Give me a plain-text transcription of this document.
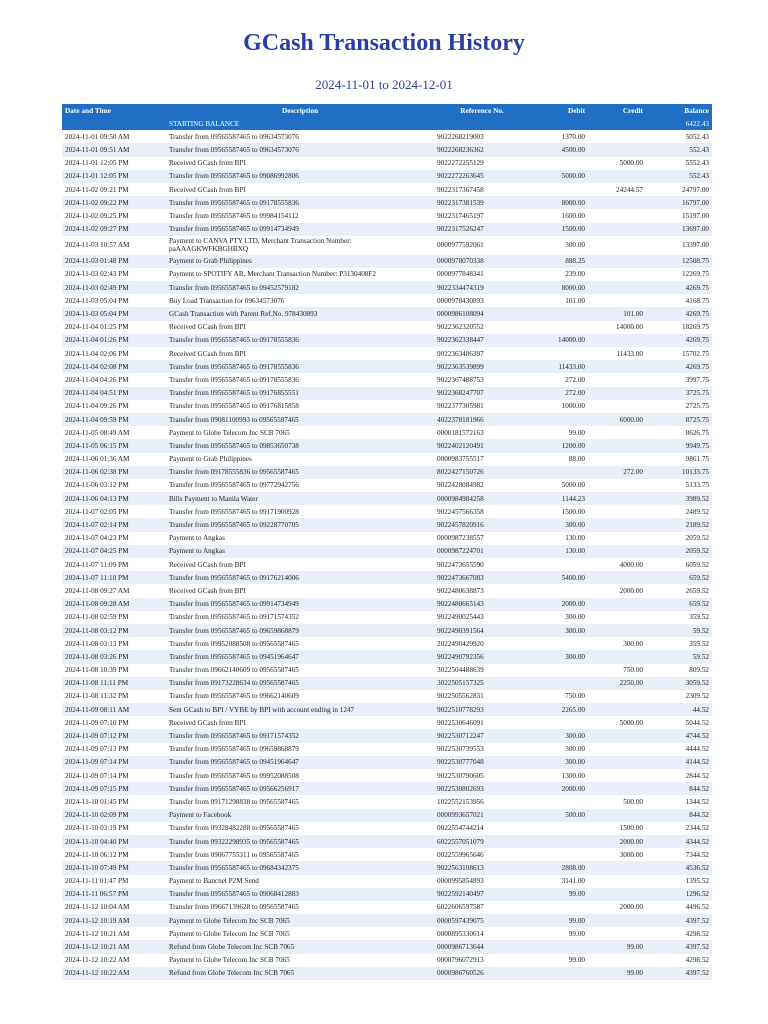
GCash Transaction History
2024-11-01 to 2024-12-01
Date and Time	Description	Reference No.	Debit	Credit	Balance
	STARTING BALANCE				6422.43
2024-11-01 09:50 AM	Transfer from 09565587465 to 09634573076	9022268219003	1370.00		5052.43
2024-11-01 09:51 AM	Transfer from 09565587465 to 09634573076	9022268236362	4500.00		552.43
2024-11-01 12:05 PM	Received GCash from BPI	9022272255129		5000.00	5552.43
2024-11-01 12:05 PM	Transfer from 09565587465 to 09086992806	9022272263645	5000.00		552.43
2024-11-02 09:21 PM	Received GCash from BPI	9022317367458		24244.57	24797.00
2024-11-02 09:22 PM	Transfer from 09565587465 to 09178555836	9022317381539	8000.00		16797.00
2024-11-02 09:25 PM	Transfer from 09565587465 to 09984154112	9022317465197	1600.00		15197.00
2024-11-02 09:27 PM	Transfer from 09565587465 to 09914734949	9022317526247	1500.00		13697.00
2024-11-03 10:57 AM	Payment to CANVA PTY LTD, Merchant Transaction Number: paAAAGKWFKBGHBXQ	0000977592061	300.00		13397.00
2024-11-03 01:48 PM	Payment to Grab Philippines	0000978070338	888.25		12508.75
2024-11-03 02:43 PM	Payment to SPOTIFY AB, Merchant Transaction Number: P3130408F2	0000977848341	239.00		12269.75
2024-11-03 02:49 PM	Transfer from 09565587465 to 09452579182	9022334474319	8000.00		4269.75
2024-11-03 05:04 PM	Buy Load Transaction for 09634573076	0000978430893	101.00		4168.75
2024-11-03 05:04 PM	GCash Transaction with Parent Ref.No. 978430893	0000986108094		101.00	4269.75
2024-11-04 01:25 PM	Received GCash from BPI	9022362320552		14000.00	18269.75
2024-11-04 01:26 PM	Transfer from 09565587465 to 09178555836	9022362338447	14000.00		4269.75
2024-11-04 02:06 PM	Received GCash from BPI	9022363486397		11433.00	15702.75
2024-11-04 02:08 PM	Transfer from 09565587465 to 09178555836	9022363539899	11433.00		4269.75
2024-11-04 04:26 PM	Transfer from 09565587465 to 09178555836	9022367488753	272.00		3997.75
2024-11-04 04:51 PM	Transfer from 09565587465 to 09176855551	9022368247707	272.00		3725.75
2024-11-04 09:26 PM	Transfer from 09565587465 to 09176815858	9022377305981	1000.00		2725.75
2024-11-04 09:59 PM	Transfer from 09081100993 to 09565587465	4022378181966		6000.00	8725.75
2024-11-05 08:49 AM	Payment to Globe Telecom Inc SCB 7065	0000181572163	99.00		8626.75
2024-11-05 06:15 PM	Transfer from 09565587465 to 09853650738	9022402120491	1200.00		9949.75
2024-11-06 01:36 AM	Payment to Grab Philippines	0000983755517	88.00		9861.75
2024-11-06 02:38 PM	Transfer from 09178555836 to 09565587465	8022427150726		272.00	10133.75
2024-11-06 03:12 PM	Transfer from 09565587465 to 09772942756	9022428084982	5000.00		5133.75
2024-11-06 04:13 PM	Bills Payment to Manila Water	0000984984258	1144.23		3989.52
2024-11-07 02:05 PM	Transfer from 09565587465 to 09171900928	9022457566358	1500.00		2489.52
2024-11-07 02:14 PM	Transfer from 09565587465 to 09228770705	9022457820916	300.00		2189.52
2024-11-07 04:23 PM	Payment to Angkas	0000987238557	130.00		2059.52
2024-11-07 04:25 PM	Payment to Angkas	0000987224701	130.00		2059.52
2024-11-07 11:09 PM	Received GCash from BPI	9022473655590		4000.00	6059.52
2024-11-07 11:10 PM	Transfer from 09565587465 to 09176214006	9022473667083	5400.00		659.52
2024-11-08 09:27 AM	Received GCash from BPI	9022480638873		2000.00	2659.52
2024-11-08 09:28 AM	Transfer from 09565587465 to 09914734949	9022480665143	2000.00		659.52
2024-11-08 02:59 PM	Transfer from 09565587465 to 09171574352	9022490025443	300.00		359.52
2024-11-08 03:12 PM	Transfer from 09565587465 to 09659868879	9022490391564	300.00		59.52
2024-11-08 03:13 PM	Transfer from 09952088508 to 09565587465	2022490429920		300.00	359.52
2024-11-08 03:26 PM	Transfer from 09565587465 to 09451964647	9022490792356	300.00		59.52
2024-11-08 10:39 PM	Transfer from 09662140609 to 09565587465	3022504488639		750.00	809.52
2024-11-08 11:11 PM	Transfer from 09173228634 to 09565587465	3022505157325		2250.00	3059.52
2024-11-08 11:32 PM	Transfer from 09565587465 to 09662140609	9022505562831	750.00		2309.52
2024-11-09 08:11 AM	Sent GCash to BPI / VYBE by BPI with account ending in 1247	9022510778293	2265.00		44.52
2024-11-09 07:10 PM	Received GCash from BPI	9022530646091		5000.00	5044.52
2024-11-09 07:12 PM	Transfer from 09565587465 to 09171574352	9022530712247	300.00		4744.52
2024-11-09 07:13 PM	Transfer from 09565587465 to 09659868879	9022530739553	300.00		4444.52
2024-11-09 07:14 PM	Transfer from 09565587465 to 09451964647	9022530777048	300.00		4144.52
2024-11-09 07:14 PM	Transfer from 09565587465 to 09952088508	9022530790605	1300.00		2844.52
2024-11-09 07:15 PM	Transfer from 09565587465 to 09566256917	9022530802693	2000.00		844.52
2024-11-10 01:45 PM	Transfer from 09171298838 to 09565587465	1022552153956		500.00	1344.52
2024-11-10 02:09 PM	Payment to Facebook	0000993657021	500.00		844.52
2024-11-10 03:19 PM	Transfer from 09328482288 to 09565587465	0022554744214		1500.00	2344.52
2024-11-10 04:40 PM	Transfer from 09322298935 to 09565587465	6022557051079		2000.00	4344.52
2024-11-10 06:12 PM	Transfer from 09067755311 to 09565587465	0022559965646		3000.00	7344.52
2024-11-10 07:49 PM	Transfer from 09565587465 to 09684342375	9022563108613	2808.00		4536.52
2024-11-11 01:47 PM	Payment to Bancnet P2M Send	0000995854893	3141.00		1395.52
2024-11-11 06:57 PM	Transfer from 09565587465 to 09068412883	9022592140497	99.00		1296.52
2024-11-12 10:04 AM	Transfer from 09667139628 to 09565587465	6022606597587		2000.00	4496.52
2024-11-12 10:19 AM	Payment to Globe Telecom Inc SCB 7065	0000597439075	99.00		4397.52
2024-11-12 10:21 AM	Payment to Globe Telecom Inc SCB 7065	0000895330614	99.00		4298.52
2024-11-12 10:21 AM	Refund from Globe Telecom Inc SCB 7065	0000986713644		99.00	4397.52
2024-11-12 10:22 AM	Payment to Globe Telecom Inc SCB 7065	0000796072913	99.00		4298.52
2024-11-12 10:22 AM	Refund from Globe Telecom Inc SCB 7065	0000986760526		99.00	4397.52
